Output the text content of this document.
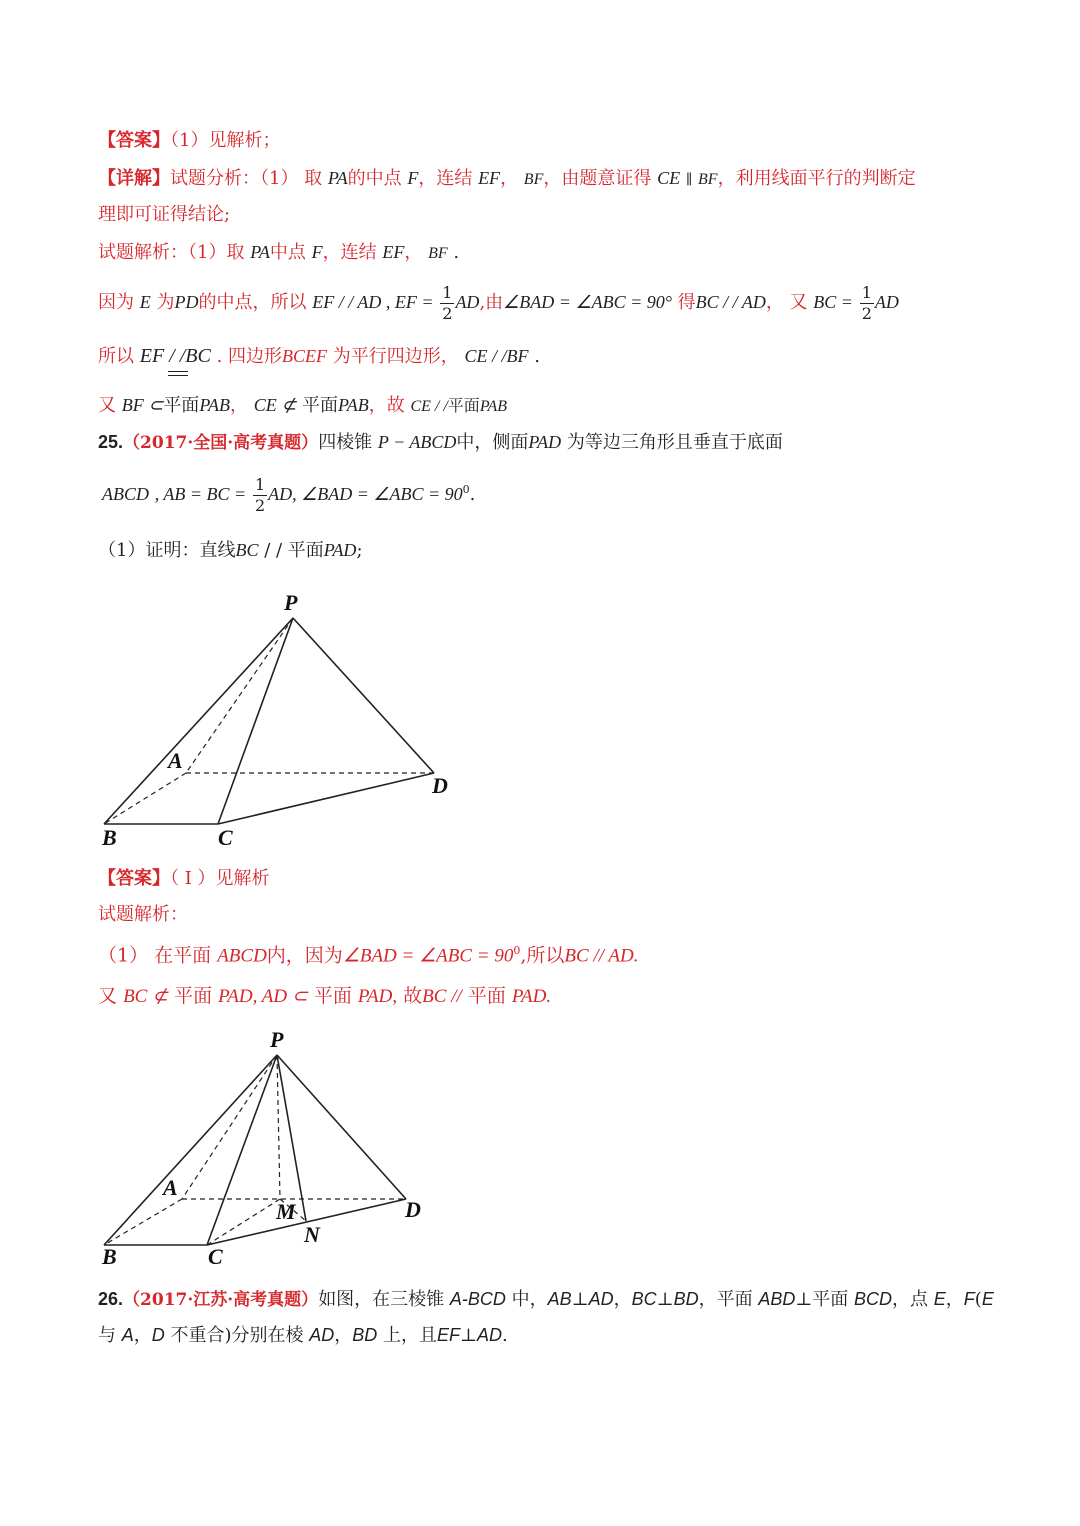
【答案】（1）见解析；
【详解】试题分析：（1） 取 PA的中点 F，连结 EF， BF，由题意证得 CE ∥ BF，利用线面平行的判断定
理即可证得结论;
试题解析：（1）取 PA中点 F，连结 EF， BF .
因为 E 为PD的中点，所以 EF / / AD , EF = $\frac{1}{2}$ AD,由∠BAD = ∠ABC = 90° 得BC / / AD， 又 BC = $\frac{1}{2}$ AD
所以 EF / /BC . 四边形BCEF 为平行四边形， CE / /BF .
又 BF ⊂平面PAB， CE ⊄ 平面PAB，故 CE / /平面PAB
25.（2017·全国·高考真题）四棱锥 P − ABCD中，侧面PAD 为等边三角形且垂直于底面
ABCD , AB = BC = $\frac{1}{2}$ AD, ∠BAD = ∠ABC = $90^0$.
（1）证明：直线BC / / 平面PAD;
P
A
D
B	C
【答案】（ I ）见解析
试题解析：
（1） 在平面 ABCD内，因为∠BAD = ∠ABC = $90^0$,所以BC // AD.
又 BC ⊄ 平面 PAD, AD ⊂ 平面 PAD, 故BC // 平面 PAD.
P
A
M	D
N
B	C
26.（2017·江苏·高考真题）如图，在三棱锥 A-BCD 中，AB⊥AD，BC⊥BD，平面 ABD⊥平面 BCD，点 E，F(E
与 A，D 不重合)分别在棱 AD，BD 上，且EF⊥AD.
